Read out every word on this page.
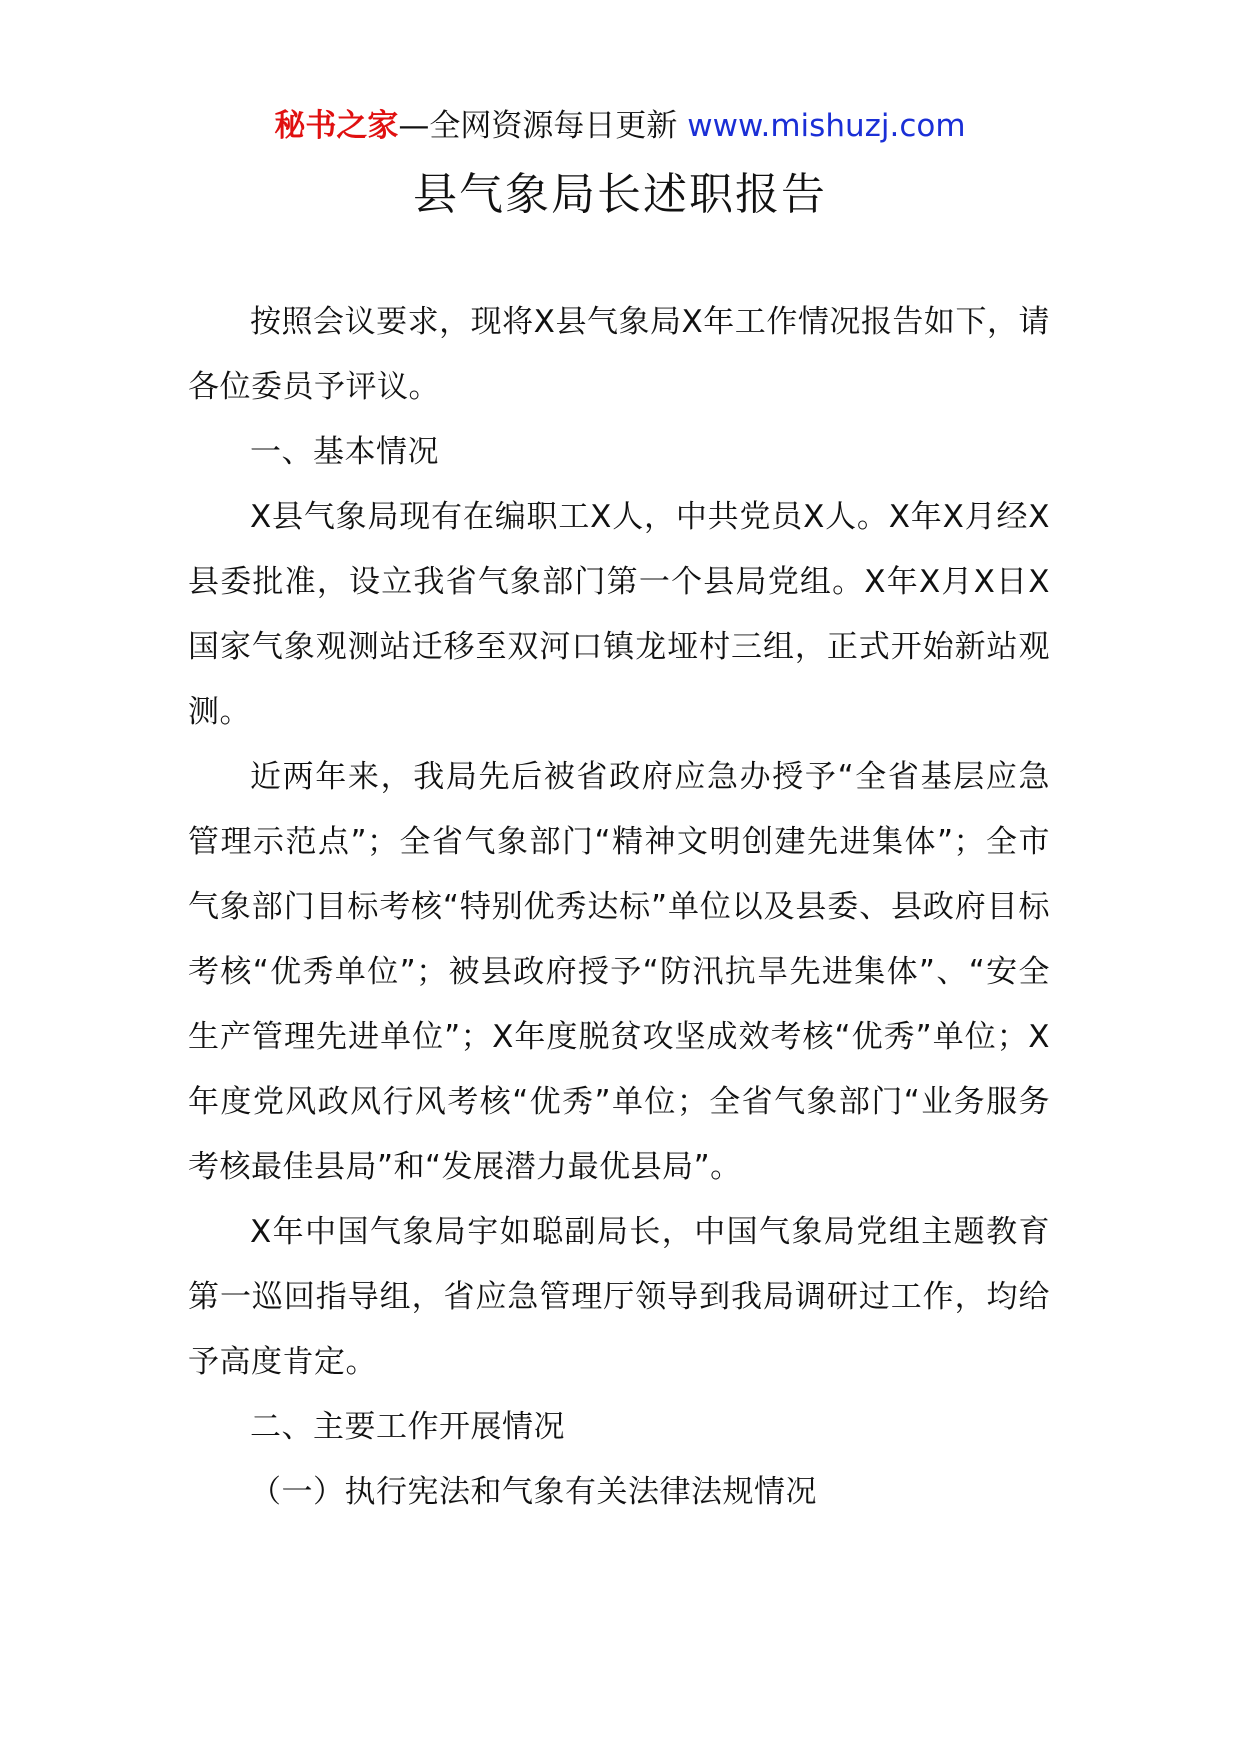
秘书之家—全网资源每日更新 www.mishuzj.com
县气象局长述职报告

按照会议要求，现将X县气象局X年工作情况报告如下，请各位委员予评议。

一、基本情况

X县气象局现有在编职工X人，中共党员X人。X年X月经X县委批准，设立我省气象部门第一个县局党组。X年X月X日X国家气象观测站迁移至双河口镇龙垭村三组，正式开始新站观测。

近两年来，我局先后被省政府应急办授予“全省基层应急管理示范点”；全省气象部门“精神文明创建先进集体”；全市气象部门目标考核“特别优秀达标”单位以及县委、县政府目标考核“优秀单位”；被县政府授予“防汛抗旱先进集体”、“安全生产管理先进单位”；X年度脱贫攻坚成效考核“优秀”单位；X年度党风政风行风考核“优秀”单位；全省气象部门“业务服务考核最佳县局”和“发展潜力最优县局”。

X年中国气象局宇如聪副局长，中国气象局党组主题教育第一巡回指导组，省应急管理厅领导到我局调研过工作，均给予高度肯定。

二、主要工作开展情况

（一）执行宪法和气象有关法律法规情况
